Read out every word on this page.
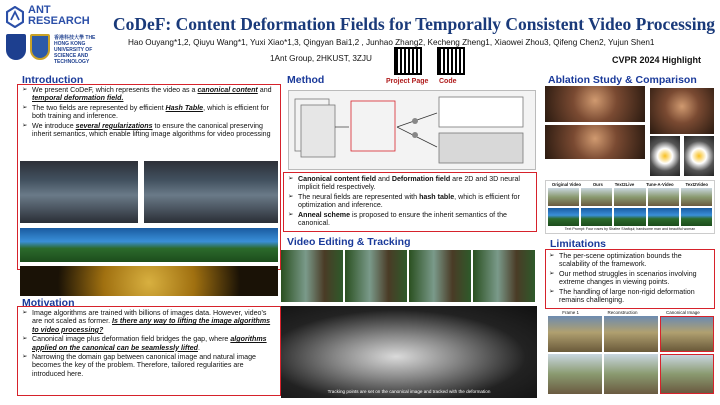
ANT RESEARCH
香港科技大學 THE HONG KONG UNIVERSITY OF SCIENCE AND TECHNOLOGY
CoDeF: Content Deformation Fields for Temporally Consistent Video Processing
Hao Ouyang*1,2, Qiuyu Wang*1, Yuxi Xiao*1,3, Qingyan Bai1,2 , Junhao Zhang2, Kecheng Zheng1, Xiaowei Zhou3, Qifeng Chen2, Yujun Shen1
1Ant Group, 2HKUST, 3ZJU	CVPR 2024 Highlight
Project Page Code
Introduction
➢ We present CoDeF, which represents the video as a canonical content and temporal deformation field.
➢ The two fields are represented by efficient Hash Table, which is efficient for both training and inference.
➢ We introduce several regularizations to ensure the canonical preserving inherit semantics, which enable lifting image algorithms for video processing
Motivation
➢ Image algorithms are trained with billions of images data. However, video's are not scaled as former. Is there any way to lifting the image algorithms to video processing?
➢ Canonical image plus deformation field bridges the gap, where algorithms applied on the canonical can be seamlessly lifted.
➢ Narrowing the domain gap between canonical image and natural image becomes the key of the problem. Therefore, tailored regularities are introduced here.
Method
➢ Canonical content field and Deformation field are 2D and 3D neural implicit field respectively.
➢ The neural fields are represented with hash table, which is efficient for optimization and inference.
➢ Anneal scheme is proposed to ensure the inherit semantics of the canonical.
Video Editing & Tracking
Tracking points are set on the canonical image and tracked with the deformation
Ablation Study & Comparison
Original Video	Ours	Text2Live	Tune-A-Video	Text2Video
Text Prompt: Four roses by Shafee Shafiqul; handsome man and beautiful woman
Limitations
➢ The per-scene optimization bounds the scalability of the framework.
➢ Our method struggles in scenarios involving extreme changes in viewing points.
➢ The handling of large non-rigid deformation remains challenging.
Frame 1	Reconstruction	Canonical Image
